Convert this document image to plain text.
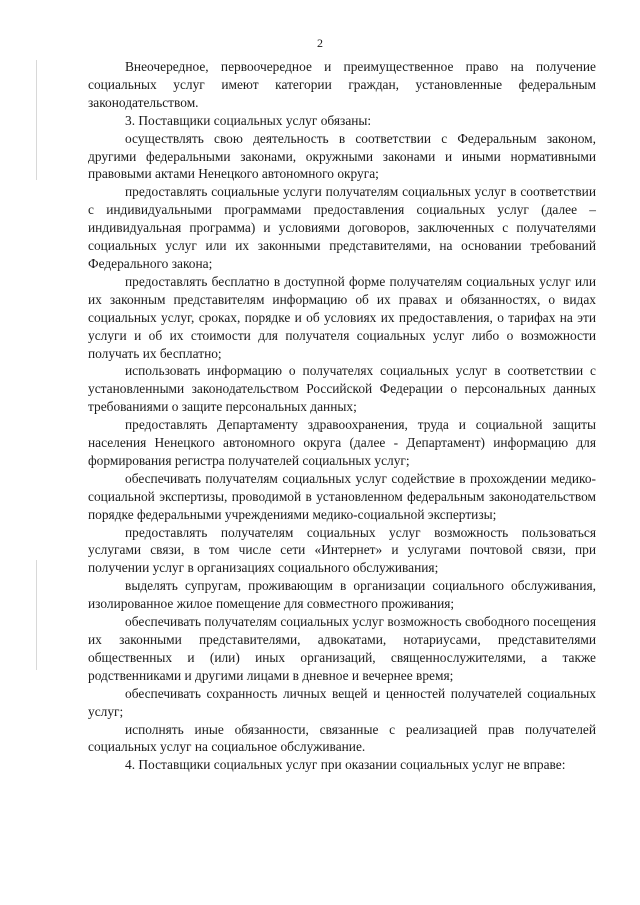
2

Внеочередное, первоочередное и преимущественное право на получение социальных услуг имеют категории граждан, установленные федеральным законодательством.

3. Поставщики социальных услуг обязаны:

осуществлять свою деятельность в соответствии с Федеральным законом, другими федеральными законами, окружными законами и иными нормативными правовыми актами Ненецкого автономного округа;

предоставлять социальные услуги получателям социальных услуг в соответствии с индивидуальными программами предоставления социальных услуг (далее – индивидуальная программа) и условиями договоров, заключенных с получателями социальных услуг или их законными представителями, на основании требований Федерального закона;

предоставлять бесплатно в доступной форме получателям социальных услуг или их законным представителям информацию об их правах и обязанностях, о видах социальных услуг, сроках, порядке и об условиях их предоставления, о тарифах на эти услуги и об их стоимости для получателя социальных услуг либо о возможности получать их бесплатно;

использовать информацию о получателях социальных услуг в соответствии с установленными законодательством Российской Федерации о персональных данных требованиями о защите персональных данных;

предоставлять Департаменту здравоохранения, труда и социальной защиты населения Ненецкого автономного округа (далее - Департамент) информацию для формирования регистра получателей социальных услуг;

обеспечивать получателям социальных услуг содействие в прохождении медико-социальной экспертизы, проводимой в установленном федеральным законодательством порядке федеральными учреждениями медико-социальной экспертизы;

предоставлять получателям социальных услуг возможность пользоваться услугами связи, в том числе сети «Интернет» и услугами почтовой связи, при получении услуг в организациях социального обслуживания;

выделять супругам, проживающим в организации социального обслуживания, изолированное жилое помещение для совместного проживания;

обеспечивать получателям социальных услуг возможность свободного посещения их законными представителями, адвокатами, нотариусами, представителями общественных и (или) иных организаций, священнослужителями, а также родственниками и другими лицами в дневное и вечернее время;

обеспечивать сохранность личных вещей и ценностей получателей социальных услуг;

исполнять иные обязанности, связанные с реализацией прав получателей социальных услуг на социальное обслуживание.

4. Поставщики социальных услуг при оказании социальных услуг не вправе:
